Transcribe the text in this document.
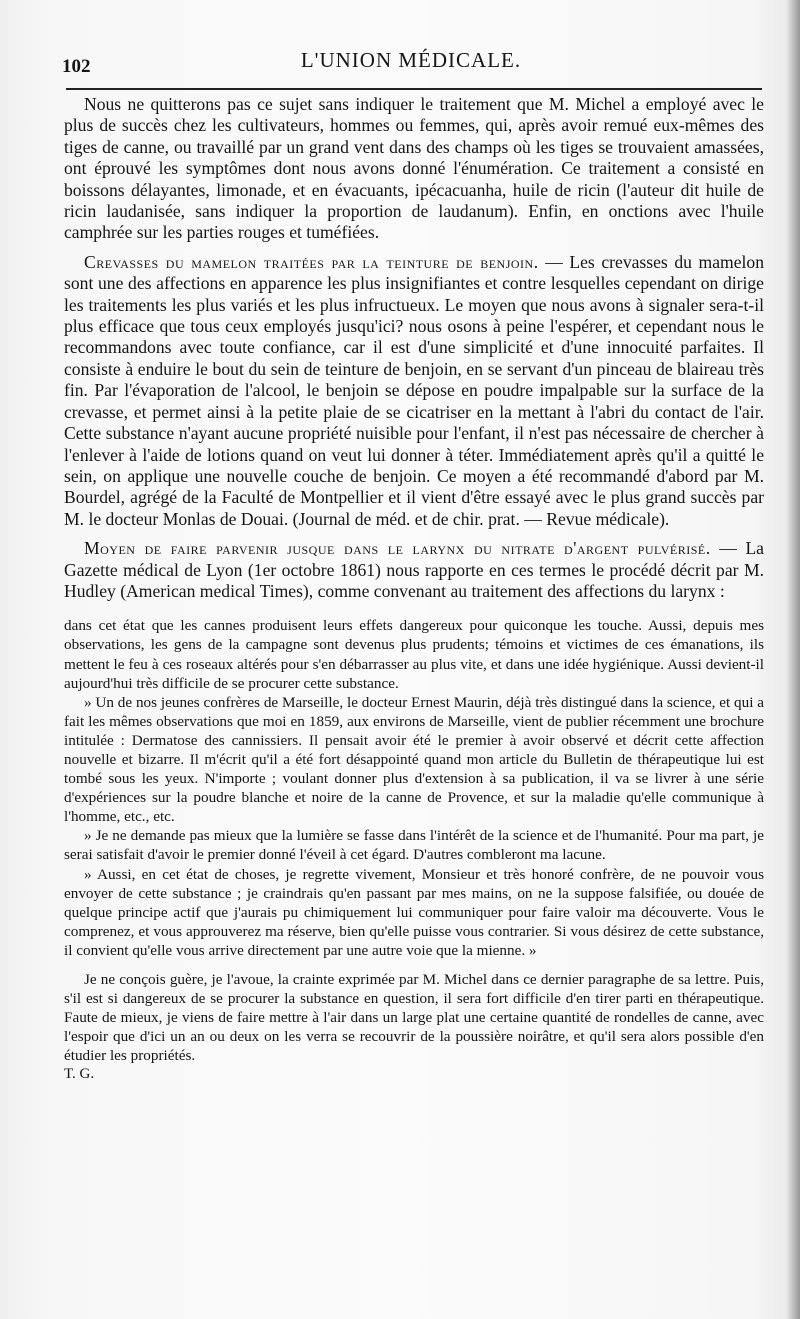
102	L'UNION MÉDICALE.

Nous ne quitterons pas ce sujet sans indiquer le traitement que M. Michel a employé avec le plus de succès chez les cultivateurs, hommes ou femmes, qui, après avoir remué eux-mêmes des tiges de canne, ou travaillé par un grand vent dans des champs où les tiges se trouvaient amassées, ont éprouvé les symptômes dont nous avons donné l'énumération. Ce traitement a consisté en boissons délayantes, limonade, et en évacuants, ipécacuanha, huile de ricin (l'auteur dit huile de ricin laudanisée, sans indiquer la proportion de laudanum). Enfin, en onctions avec l'huile camphrée sur les parties rouges et tuméfiées.

Crevasses du mamelon traitées par la teinture de benjoin. — Les crevasses du mamelon sont une des affections en apparence les plus insignifiantes et contre lesquelles cependant on dirige les traitements les plus variés et les plus infructueux. Le moyen que nous avons à signaler sera-t-il plus efficace que tous ceux employés jusqu'ici? nous osons à peine l'espérer, et cependant nous le recommandons avec toute confiance, car il est d'une simplicité et d'une innocuité parfaites. Il consiste à enduire le bout du sein de teinture de benjoin, en se servant d'un pinceau de blaireau très fin. Par l'évaporation de l'alcool, le benjoin se dépose en poudre impalpable sur la surface de la crevasse, et permet ainsi à la petite plaie de se cicatriser en la mettant à l'abri du contact de l'air. Cette substance n'ayant aucune propriété nuisible pour l'enfant, il n'est pas nécessaire de chercher à l'enlever à l'aide de lotions quand on veut lui donner à téter. Immédiatement après qu'il a quitté le sein, on applique une nouvelle couche de benjoin. Ce moyen a été recommandé d'abord par M. Bourdel, agrégé de la Faculté de Montpellier et il vient d'être essayé avec le plus grand succès par M. le docteur Monlas de Douai. (Journal de méd. et de chir. prat. — Revue médicale).

Moyen de faire parvenir jusque dans le larynx du nitrate d'argent pulvérisé. — La Gazette médical de Lyon (1er octobre 1861) nous rapporte en ces termes le procédé décrit par M. Hudley (American medical Times), comme convenant au traitement des affections du larynx :

dans cet état que les cannes produisent leurs effets dangereux pour quiconque les touche. Aussi, depuis mes observations, les gens de la campagne sont devenus plus prudents; témoins et victimes de ces émanations, ils mettent le feu à ces roseaux altérés pour s'en débarrasser au plus vite, et dans une idée hygiénique. Aussi devient-il aujourd'hui très difficile de se procurer cette substance.

» Un de nos jeunes confrères de Marseille, le docteur Ernest Maurin, déjà très distingué dans la science, et qui a fait les mêmes observations que moi en 1859, aux environs de Marseille, vient de publier récemment une brochure intitulée : Dermatose des cannissiers. Il pensait avoir été le premier à avoir observé et décrit cette affection nouvelle et bizarre. Il m'écrit qu'il a été fort désappointé quand mon article du Bulletin de thérapeutique lui est tombé sous les yeux. N'importe ; voulant donner plus d'extension à sa publication, il va se livrer à une série d'expériences sur la poudre blanche et noire de la canne de Provence, et sur la maladie qu'elle communique à l'homme, etc., etc.

» Je ne demande pas mieux que la lumière se fasse dans l'intérêt de la science et de l'humanité. Pour ma part, je serai satisfait d'avoir le premier donné l'éveil à cet égard. D'autres combleront ma lacune.

» Aussi, en cet état de choses, je regrette vivement, Monsieur et très honoré confrère, de ne pouvoir vous envoyer de cette substance ; je craindrais qu'en passant par mes mains, on ne la suppose falsifiée, ou douée de quelque principe actif que j'aurais pu chimiquement lui communiquer pour faire valoir ma découverte. Vous le comprenez, et vous approuverez ma réserve, bien qu'elle puisse vous contrarier. Si vous désirez de cette substance, il convient qu'elle vous arrive directement par une autre voie que la mienne. »

Je ne conçois guère, je l'avoue, la crainte exprimée par M. Michel dans ce dernier paragraphe de sa lettre. Puis, s'il est si dangereux de se procurer la substance en question, il sera fort difficile d'en tirer parti en thérapeutique. Faute de mieux, je viens de faire mettre à l'air dans un large plat une certaine quantité de rondelles de canne, avec l'espoir que d'ici un an ou deux on les verra se recouvrir de la poussière noirâtre, et qu'il sera alors possible d'en étudier les propriétés.

T. G.
